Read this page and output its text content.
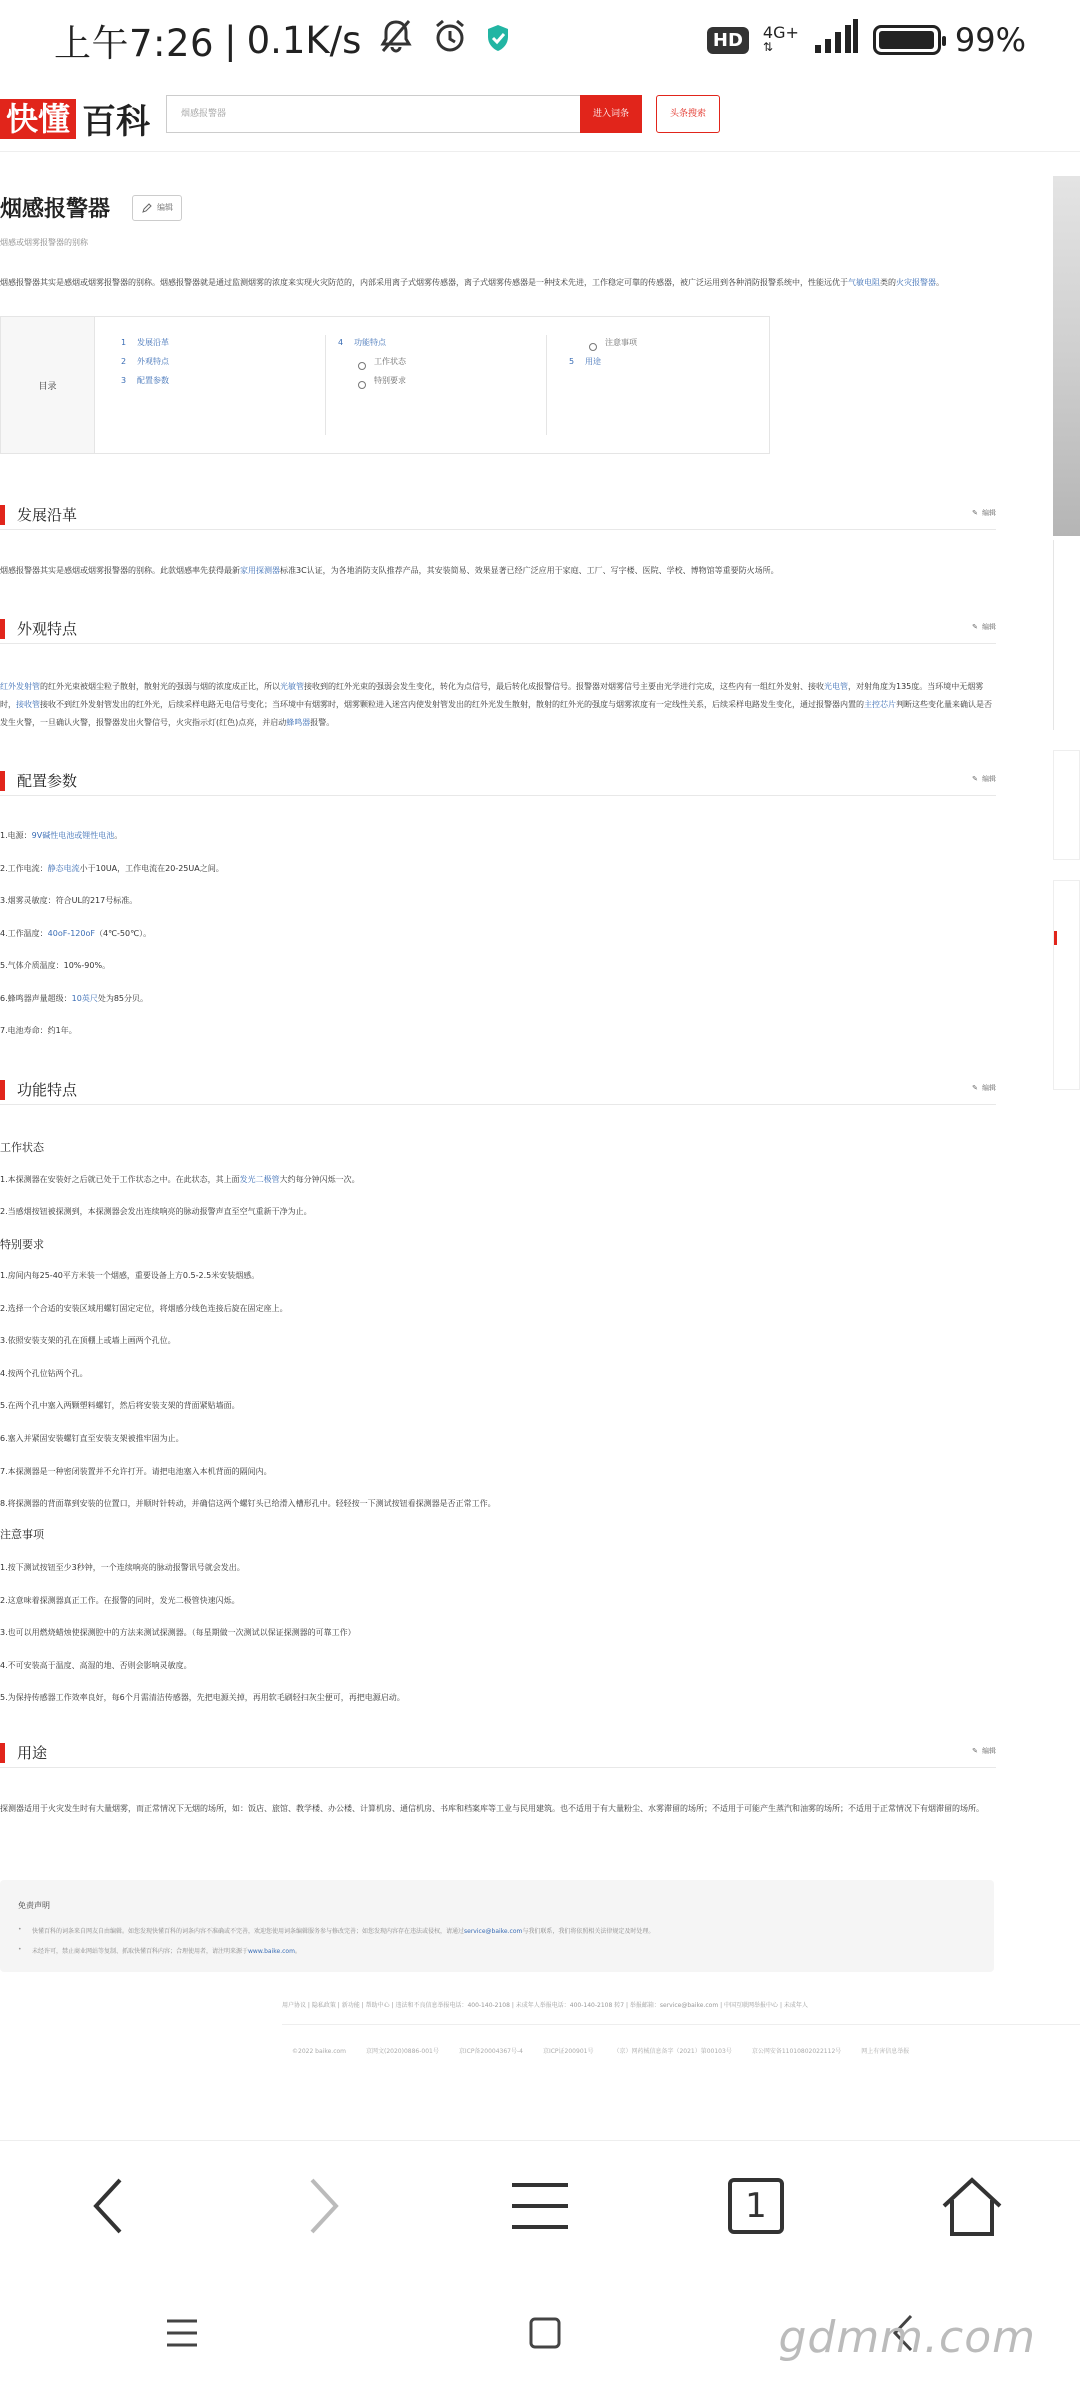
上午7:26 | 0.1K/s	HD	4G+
⇅	99%
快懂 百科	烟感报警器	进入词条	头条搜索
烟感报警器	编辑
烟感或烟雾报警器的别称
烟感报警器其实是感烟或烟雾报警器的别称。烟感报警器就是通过监测烟雾的浓度来实现火灾防范的，内部采用离子式烟雾传感器，离子式烟雾传感器是一种技术先进，工作稳定可靠的传感器，被广泛运用到各种消防报警系统中，性能远优于气敏电阻类的火灾报警器。
目录
1 发展沿革
2 外观特点
3 配置参数
4 功能特点
工作状态
特别要求
注意事项
5 用途
发展沿革	✎ 编辑
烟感报警器其实是感烟或烟雾报警器的别称。此款烟感率先获得最新家用探测器标准3C认证，为各地消防支队推荐产品，其安装简易、效果显著已经广泛应用于家庭、工厂、写字楼、医院、学校、博物馆等重要防火场所。
外观特点	✎ 编辑
红外发射管的红外光束被烟尘粒子散射，散射光的强弱与烟的浓度成正比，所以光敏管接收到的红外光束的强弱会发生变化，转化为点信号，最后转化成报警信号。报警器对烟雾信号主要由光学进行完成，这些内有一组红外发射、接收光电管，对射角度为135度。当环境中无烟雾时，接收管接收不到红外发射管发出的红外光，后续采样电路无电信号变化；当环境中有烟雾时，烟雾颗粒进入迷宫内使发射管发出的红外光发生散射，散射的红外光的强度与烟雾浓度有一定线性关系，后续采样电路发生变化，通过报警器内置的主控芯片判断这些变化量来确认是否发生火警，一旦确认火警，报警器发出火警信号，火灾指示灯(红色)点亮，并启动蜂鸣器报警。
配置参数	✎ 编辑
1.电源：9V碱性电池或锂性电池。
2.工作电流：静态电流小于10UA，工作电流在20-25UA之间。
3.烟雾灵敏度：符合UL的217号标准。
4.工作温度：40oF-120oF（4℃-50℃）。
5.气体介质温度：10%-90%。
6.蜂鸣器声量超级：10英尺处为85分贝。
7.电池寿命：约1年。
功能特点	✎ 编辑
工作状态
1.本探测器在安装好之后就已处于工作状态之中。在此状态，其上面发光二极管大约每分钟闪烁一次。
2.当感烟按钮被探测到，本探测器会发出连续响亮的脉动报警声直至空气重新干净为止。
特别要求
1.房间内每25-40平方米装一个烟感，重要设备上方0.5-2.5米安装烟感。
2.选择一个合适的安装区域用螺钉固定定位，将烟感分线色连接后旋在固定座上。
3.依照安装支架的孔在顶棚上或墙上画两个孔位。
4.按两个孔位钻两个孔。
5.在两个孔中塞入两颗塑料螺钉，然后将安装支架的背面紧贴墙面。
6.塞入并紧固安装螺钉直至安装支架被推牢固为止。
7.本探测器是一种密闭装置并不允许打开。请把电池塞入本机背面的隔间内。
8.将探测器的背面靠到安装的位置口，并顺时针转动，并确信这两个螺钉头已给滑入槽形孔中。轻轻按一下测试按钮看探测器是否正常工作。
注意事项
1.按下测试按钮至少3秒钟，一个连续响亮的脉动报警讯号就会发出。
2.这意味着探测器真正工作。在报警的同时，发光二极管快速闪烁。
3.也可以用燃烧蜡烛使探测腔中的方法来测试探测器。（每星期做一次测试以保证探测器的可靠工作）
4.不可安装高于温度、高湿的地、否则会影响灵敏度。
5.为保持传感器工作效率良好，每6个月需清洁传感器，先把电源关掉，再用软毛刷轻扫灰尘便可，再把电源启动。
用途	✎ 编辑
探测器适用于火灾发生时有大量烟雾，而正常情况下无烟的场所，如：饭店、旅馆、教学楼、办公楼、计算机房、通信机房、书库和档案库等工业与民用建筑。也不适用于有大量粉尘、水雾滞留的场所；不适用于可能产生蒸汽和油雾的场所；不适用于正常情况下有烟滞留的场所。
免责声明
• 快懂百科的词条来自网友自由编辑。如您发现快懂百科的词条内容不准确或不完善，欢迎您使用词条编辑服务参与修改完善；如您发现内容存在违法或侵权，请通过service@baike.com与我们联系，我们将依照相关法律规定及时处理。
• 未经许可，禁止商业网站等复制、抓取快懂百科内容；合理使用者，请注明来源于www.baike.com。
用户协议 | 隐私政策 | 新功能 | 帮助中心 | 违法和不良信息举报电话：400-140-2108 | 未成年人举报电话：400-140-2108 转7 | 举报邮箱：service@baike.com | 中国互联网举报中心 | 未成年人
©2022 baike.com	京网文(2020)0886-001号	京ICP备20004367号-4	京ICP证200901号	（京）网药械信息备字（2021）第00103号	京公网安备11010802022112号	网上有害信息举报
1
gdmm.com
